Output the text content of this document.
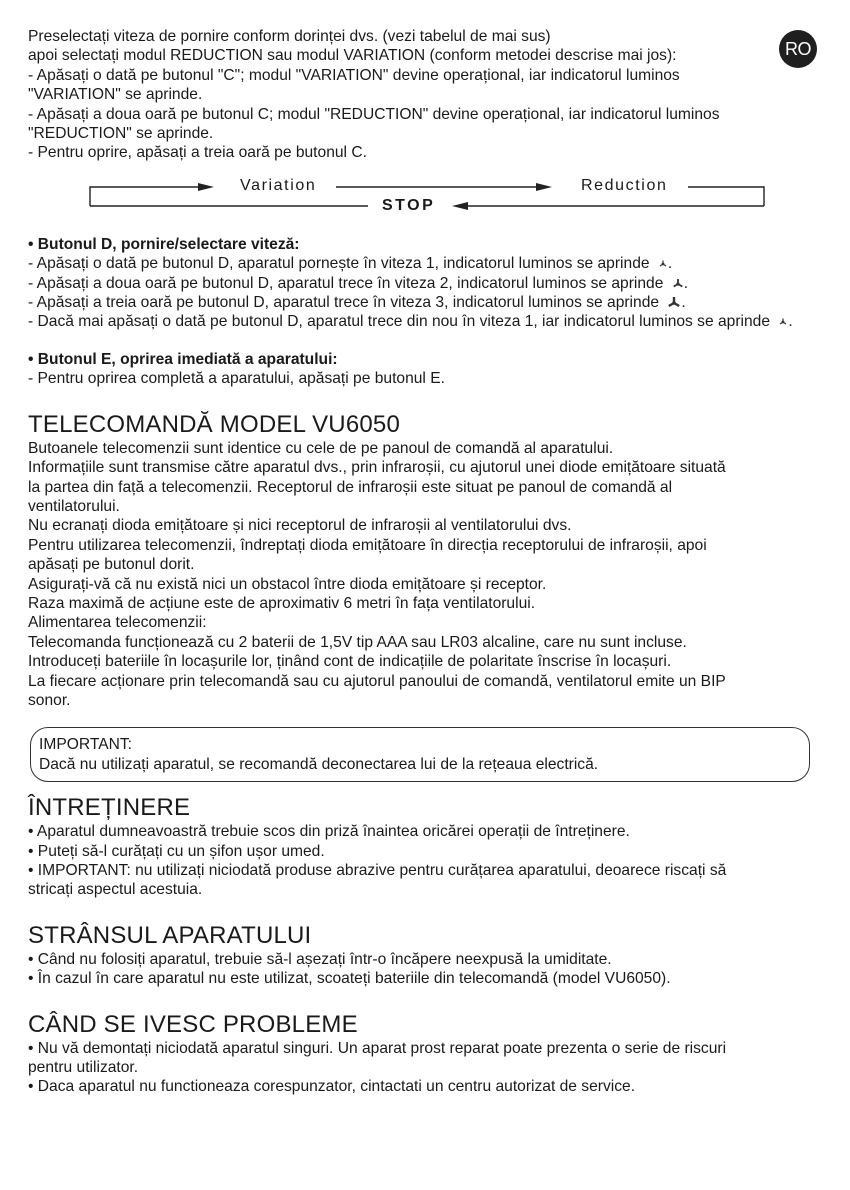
RO

Preselectați viteza de pornire conform dorinței dvs. (vezi tabelul de mai sus)

apoi selectați modul REDUCTION sau modul VARIATION (conform metodei descrise mai jos):

- Apăsați o dată pe butonul "C"; modul "VARIATION" devine operațional, iar indicatorul luminos

"VARIATION" se aprinde.

- Apăsați a doua oară pe butonul C; modul "REDUCTION" devine operațional, iar indicatorul luminos

"REDUCTION" se aprinde.

- Pentru oprire, apăsați a treia oară pe butonul C.

Variation	Reduction
STOP

• Butonul D, pornire/selectare viteză:

- Apăsați o dată pe butonul D, aparatul pornește în viteza 1, indicatorul luminos se aprinde .

- Apăsați a doua oară pe butonul D, aparatul trece în viteza 2, indicatorul luminos se aprinde .

- Apăsați a treia oară pe butonul D, aparatul trece în viteza 3, indicatorul luminos se aprinde .

- Dacă mai apăsați o dată pe butonul D, aparatul trece din nou în viteza 1, iar indicatorul luminos se aprinde .

• Butonul E, oprirea imediată a aparatului:

- Pentru oprirea completă a aparatului, apăsați pe butonul E.

TELECOMANDĂ MODEL VU6050

Butoanele telecomenzii sunt identice cu cele de pe panoul de comandă al aparatului.

Informațiile sunt transmise către aparatul dvs., prin infraroșii, cu ajutorul unei diode emițătoare situată

la partea din față a telecomenzii. Receptorul de infraroșii este situat pe panoul de comandă al

ventilatorului.

Nu ecranați dioda emițătoare și nici receptorul de infraroșii al ventilatorului dvs.

Pentru utilizarea telecomenzii, îndreptați dioda emițătoare în direcția receptorului de infraroșii, apoi

apăsați pe butonul dorit.

Asigurați-vă că nu există nici un obstacol între dioda emițătoare și receptor.

Raza maximă de acțiune este de aproximativ 6 metri în fața ventilatorului.

Alimentarea telecomenzii:

Telecomanda funcționează cu 2 baterii de 1,5V tip AAA sau LR03 alcaline, care nu sunt incluse.

Introduceți bateriile în locașurile lor, ținând cont de indicațiile de polaritate înscrise în locașuri.

La fiecare acționare prin telecomandă sau cu ajutorul panoului de comandă, ventilatorul emite un BIP

sonor.

IMPORTANT:

Dacă nu utilizați aparatul, se recomandă deconectarea lui de la rețeaua electrică.

ÎNTREȚINERE

• Aparatul dumneavoastră trebuie scos din priză înaintea oricărei operații de întreținere.

• Puteți să-l curățați cu un șifon ușor umed.

• IMPORTANT: nu utilizați niciodată produse abrazive pentru curățarea aparatului, deoarece riscați să

stricați aspectul acestuia.

STRÂNSUL APARATULUI

• Când nu folosiți aparatul, trebuie să-l așezați într-o încăpere neexpusă la umiditate.

• În cazul în care aparatul nu este utilizat, scoateți bateriile din telecomandă (model VU6050).

CÂND SE IVESC PROBLEME

• Nu vă demontați niciodată aparatul singuri. Un aparat prost reparat poate prezenta o serie de riscuri

pentru utilizator.

• Daca aparatul nu functioneaza corespunzator, cintactati un centru autorizat de service.
